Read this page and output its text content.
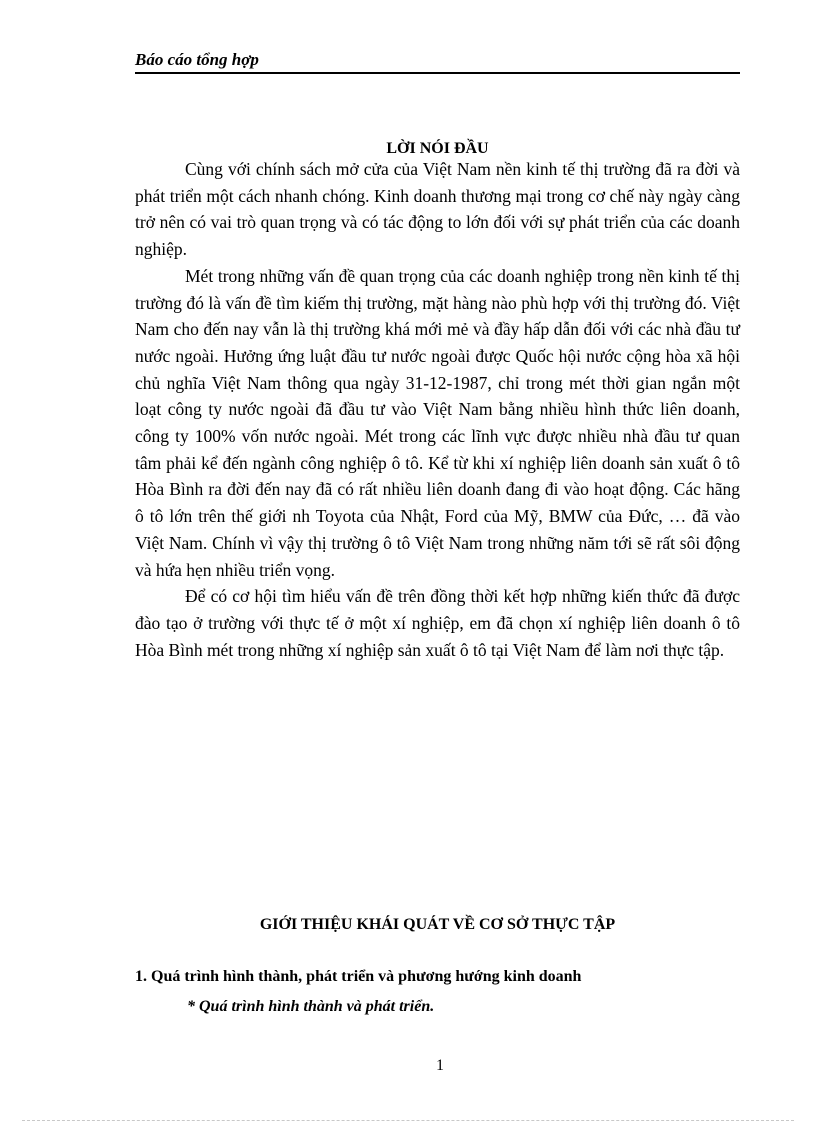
Báo cáo tổng hợp
LỜI NÓI ĐẦU

Cùng với chính sách mở cửa của Việt Nam nền kinh tế thị trường đã ra đời và phát triển một cách nhanh chóng. Kinh doanh thương mại trong cơ chế này ngày càng trở nên có vai trò quan trọng và có tác động to lớn đối với sự phát triển của các doanh nghiệp.

Mét trong những vấn đề quan trọng của các doanh nghiệp trong nền kinh tế thị trường đó là vấn đề tìm kiếm thị trường, mặt hàng nào phù hợp với thị trường đó. Việt Nam cho đến nay vẫn là thị trường khá mới mẻ và đầy hấp dẫn đối với các nhà đầu tư nước ngoài. Hưởng ứng luật đầu tư nước ngoài được Quốc hội nước cộng hòa xã hội chủ nghĩa Việt Nam thông qua ngày 31-12-1987, chỉ trong mét thời gian ngắn một loạt công ty nước ngoài đã đầu tư vào Việt Nam bằng nhiều hình thức liên doanh, công ty 100% vốn nước ngoài. Mét trong các lĩnh vực được nhiều nhà đầu tư quan tâm phải kể đến ngành công nghiệp ô tô. Kể từ khi xí nghiệp liên doanh sản xuất ô tô Hòa Bình ra đời đến nay đã có rất nhiều liên doanh đang đi vào hoạt động. Các hãng ô tô lớn trên thế giới nh Toyota của Nhật, Ford của Mỹ, BMW của Đức, … đã vào Việt Nam. Chính vì vậy thị trường ô tô Việt Nam trong những năm tới sẽ rất sôi động và hứa hẹn nhiều triển vọng.

Để có cơ hội tìm hiểu vấn đề trên đồng thời kết hợp những kiến thức đã được đào tạo ở trường với thực tế ở một xí nghiệp, em đã chọn xí nghiệp liên doanh ô tô Hòa Bình mét trong những xí nghiệp sản xuất ô tô tại Việt Nam để làm nơi thực tập.

GIỚI THIỆU KHÁI QUÁT VỀ CƠ SỞ THỰC TẬP
1. Quá trình hình thành, phát triển và phương hướng kinh doanh
* Quá trình hình thành và phát triển.
1
